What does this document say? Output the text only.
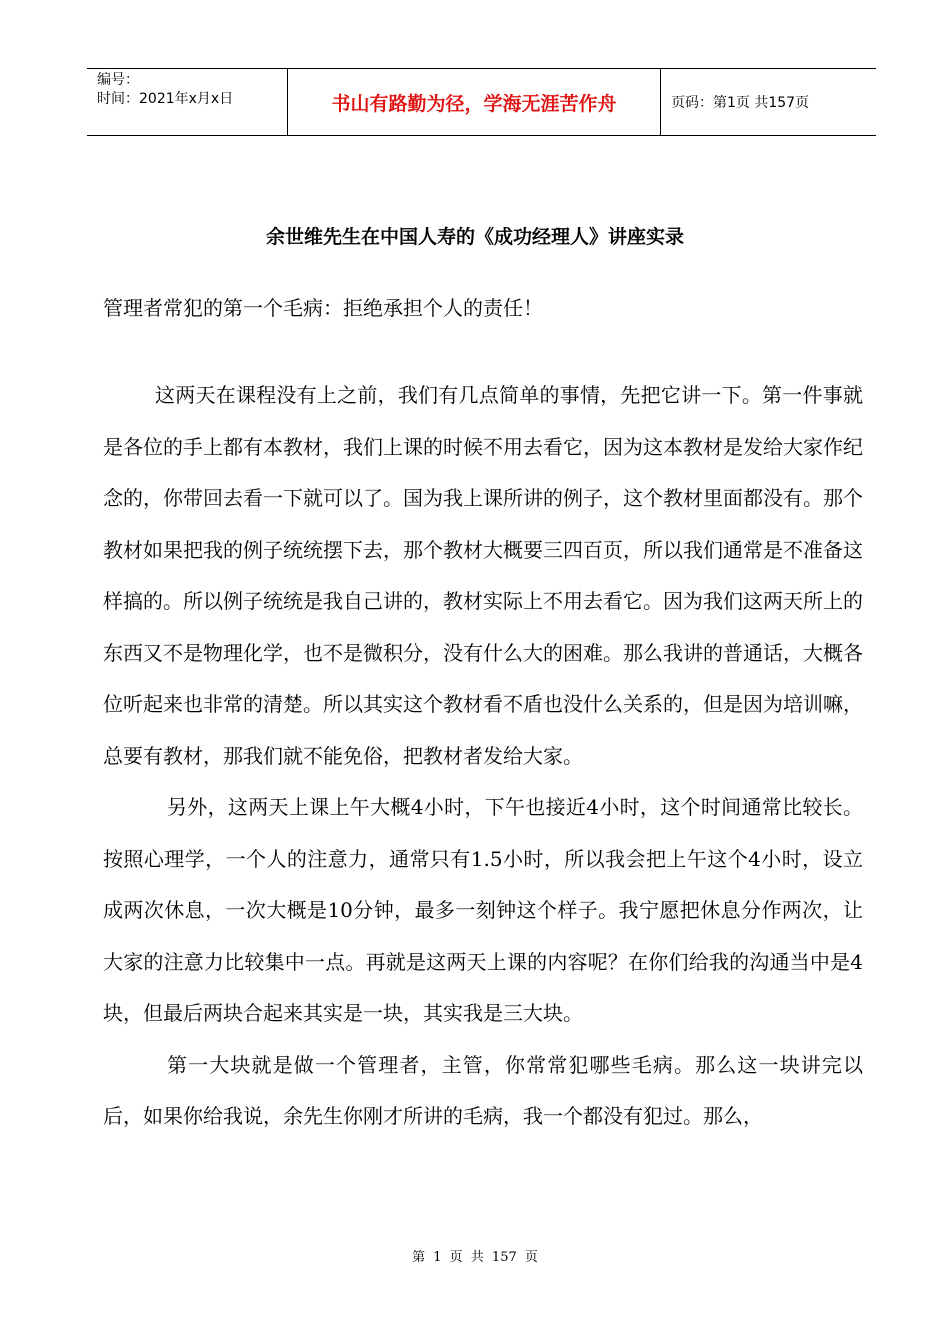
编号：
时间：2021年x月x日	书山有路勤为径，学海无涯苦作舟	页码：第1页 共157页
余世维先生在中国人寿的《成功经理人》讲座实录
管理者常犯的第一个毛病：拒绝承担个人的责任！

这两天在课程没有上之前，我们有几点简单的事情，先把它讲一下。第一件事就是各位的手上都有本教材，我们上课的时候不用去看它，因为这本教材是发给大家作纪念的，你带回去看一下就可以了。国为我上课所讲的例子，这个教材里面都没有。那个教材如果把我的例子统统摆下去，那个教材大概要三四百页，所以我们通常是不准备这样搞的。所以例子统统是我自己讲的，教材实际上不用去看它。因为我们这两天所上的东西又不是物理化学，也不是微积分，没有什么大的困难。那么我讲的普通话，大概各位听起来也非常的清楚。所以其实这个教材看不盾也没什么关系的，但是因为培训嘛，总要有教材，那我们就不能免俗，把教材者发给大家。

另外，这两天上课上午大概4小时，下午也接近4小时，这个时间通常比较长。按照心理学，一个人的注意力，通常只有1.5小时，所以我会把上午这个4小时，设立成两次休息，一次大概是10分钟，最多一刻钟这个样子。我宁愿把休息分作两次，让大家的注意力比较集中一点。再就是这两天上课的内容呢？在你们给我的沟通当中是4块，但最后两块合起来其实是一块，其实我是三大块。

第一大块就是做一个管理者，主管，你常常犯哪些毛病。那么这一块讲完以后，如果你给我说，余先生你刚才所讲的毛病，我一个都没有犯过。那么，

第 1 页 共 157 页
